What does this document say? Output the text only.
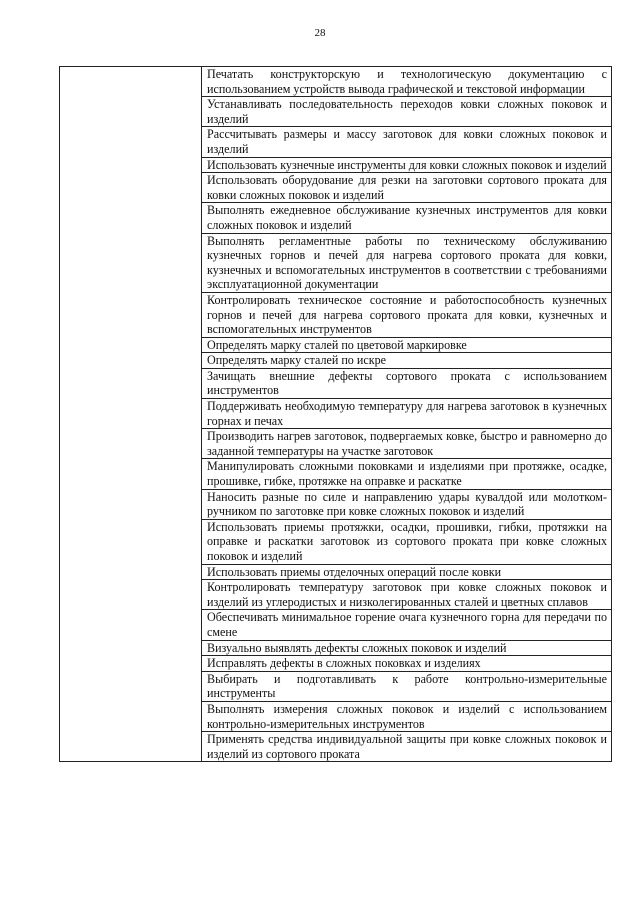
28

Печатать конструкторскую и технологическую документацию с использованием устройств вывода графической и текстовой информации
Устанавливать последовательность переходов ковки сложных поковок и изделий
Рассчитывать размеры и массу заготовок для ковки сложных поковок и изделий
Использовать кузнечные инструменты для ковки сложных поковок и изделий
Использовать оборудование для резки на заготовки сортового проката для ковки сложных поковок и изделий
Выполнять ежедневное обслуживание кузнечных инструментов для ковки сложных поковок и изделий
Выполнять регламентные работы по техническому обслуживанию кузнечных горнов и печей для нагрева сортового проката для ковки, кузнечных и вспомогательных инструментов в соответствии с требованиями эксплуатационной документации
Контролировать техническое состояние и работоспособность кузнечных горнов и печей для нагрева сортового проката для ковки, кузнечных и вспомогательных инструментов
Определять марку сталей по цветовой маркировке
Определять марку сталей по искре
Зачищать внешние дефекты сортового проката с использованием инструментов
Поддерживать необходимую температуру для нагрева заготовок в кузнечных горнах и печах
Производить нагрев заготовок, подвергаемых ковке, быстро и равномерно до заданной температуры на участке заготовок
Манипулировать сложными поковками и изделиями при протяжке, осадке, прошивке, гибке, протяжке на оправке и раскатке
Наносить разные по силе и направлению удары кувалдой или молотком-ручником по заготовке при ковке сложных поковок и изделий
Использовать приемы протяжки, осадки, прошивки, гибки, протяжки на оправке и раскатки заготовок из сортового проката при ковке сложных поковок и изделий
Использовать приемы отделочных операций после ковки
Контролировать температуру заготовок при ковке сложных поковок и изделий из углеродистых и низколегированных сталей и цветных сплавов
Обеспечивать минимальное горение очага кузнечного горна для передачи по смене
Визуально выявлять дефекты сложных поковок и изделий
Исправлять дефекты в сложных поковках и изделиях
Выбирать и подготавливать к работе контрольно-измерительные инструменты
Выполнять измерения сложных поковок и изделий с использованием контрольно-измерительных инструментов
Применять средства индивидуальной защиты при ковке сложных поковок и изделий из сортового проката
